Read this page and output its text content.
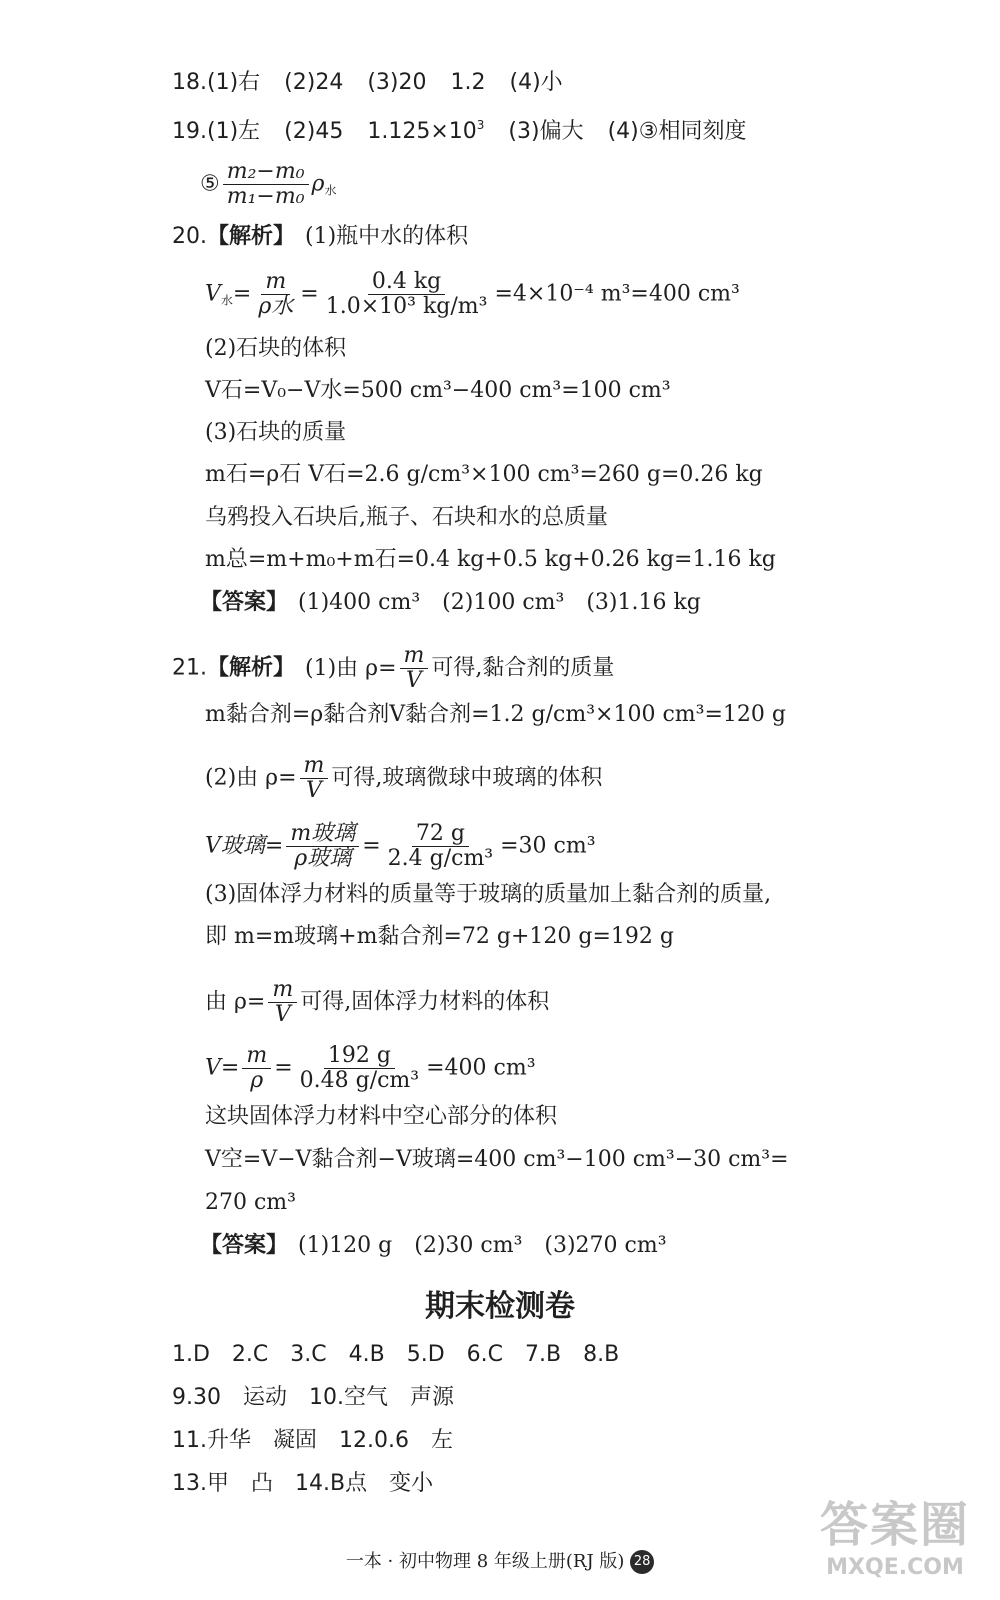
18.(1)右 (2)24 (3)20 1.2 (4)小
19.(1)左 (2)45 $1.125\times 10^3$ (3)偏大 (4)③相同刻度
⑤ $\frac{\text{m₂−m₀}}{\text{m₁−m₀}} \rho_水$
20.【解析】 (1)瓶中水的体积
$V_水= \frac{m}{\text{ρ水}} = \frac{0.4 kg}{\text{1.0×10³ kg/m³}} =4\times 10^{-4}$ m³=400 cm³
(2)石块的体积
V石=V₀−V水=500 cm³−400 cm³=100 cm³
(3)石块的质量
m石=ρ石 V石=2.6 g/cm³×100 cm³=260 g=0.26 kg
乌鸦投入石块后,瓶子、石块和水的总质量
m总=m+m₀+m石=0.4 kg+0.5 kg+0.26 kg=1.16 kg
【答案】 (1)400 cm³　(2)100 cm³　(3)1.16 kg
21.【解析】 (1)由 $\rho= \frac{m}{V}$ 可得,黏合剂的质量
m黏合剂=ρ黏合剂V黏合剂=1.2 g/cm³×100 cm³=120 g
(2)由 $\rho= \frac{m}{V}$ 可得,玻璃微球中玻璃的体积
V玻璃= $\frac{\text{m玻璃}}{\text{ρ玻璃}} = \frac{72 g}{\text{2.4 g/cm³}} =30$ cm³
(3)固体浮力材料的质量等于玻璃的质量加上黏合剂的质量,
即 m=m玻璃+m黏合剂=72 g+120 g=192 g
由 $\rho= \frac{m}{V}$ 可得,固体浮力材料的体积
$V= \frac{m}{\rho} = \frac{192 g}{\text{0.48 g/cm³}} =400$ cm³
这块固体浮力材料中空心部分的体积
V空=V−V黏合剂−V玻璃=400 cm³−100 cm³−30 cm³=
270 cm³
【答案】 (1)120 g　(2)30 cm³　(3)270 cm³
期末检测卷
1.D　2.C　3.C　4.B　5.D　6.C　7.B　8.B
9.30　运动　10.空气　声源
11.升华　凝固　12.0.6　左
13.甲　凸　14.B点　变小
一本 · 初中物理 8 年级上册(RJ 版) 28
答案圈
MXQE.COM
